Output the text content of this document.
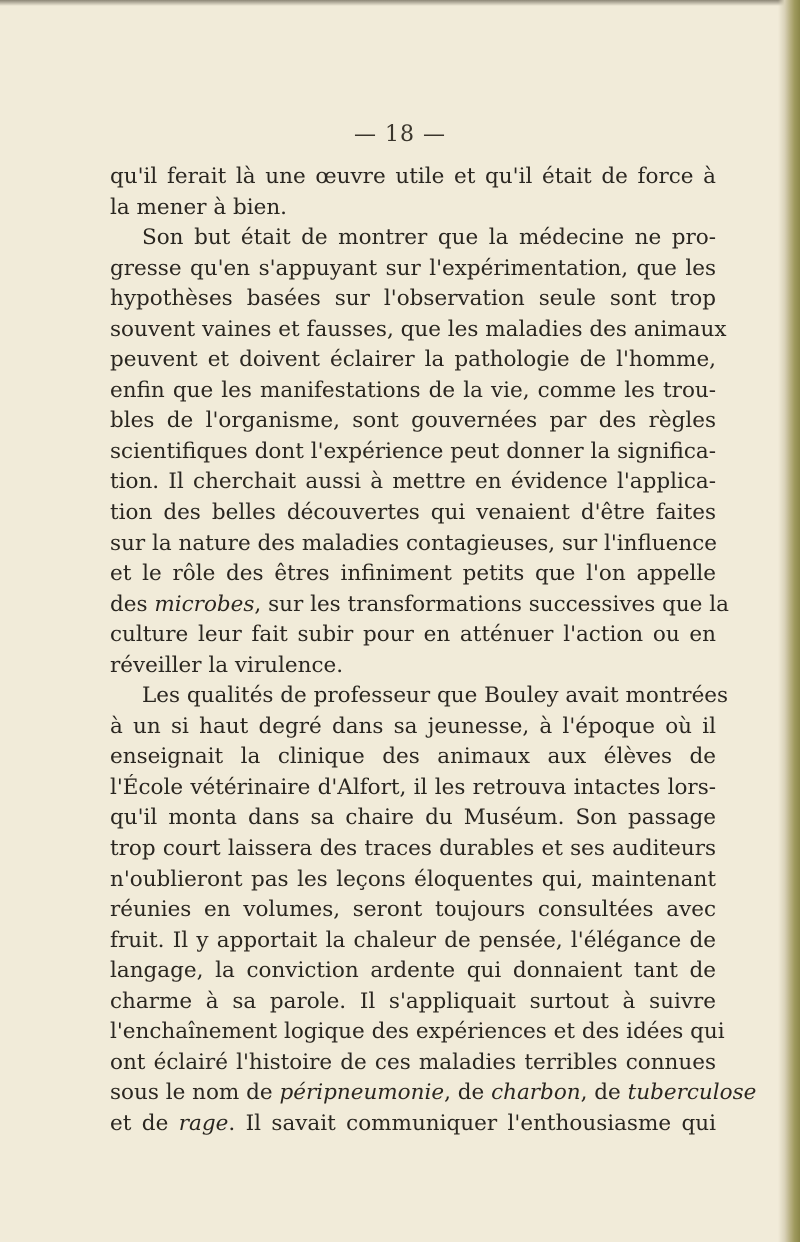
— 18 —
qu'il ferait là une œuvre utile et qu'il était de force à
la mener à bien.
Son but était de montrer que la médecine ne pro-
gresse qu'en s'appuyant sur l'expérimentation, que les
hypothèses basées sur l'observation seule sont trop
souvent vaines et fausses, que les maladies des animaux
peuvent et doivent éclairer la pathologie de l'homme,
enfin que les manifestations de la vie, comme les trou-
bles de l'organisme, sont gouvernées par des règles
scientifiques dont l'expérience peut donner la significa-
tion. Il cherchait aussi à mettre en évidence l'applica-
tion des belles découvertes qui venaient d'être faites
sur la nature des maladies contagieuses, sur l'influence
et le rôle des êtres infiniment petits que l'on appelle
des microbes, sur les transformations successives que la
culture leur fait subir pour en atténuer l'action ou en
réveiller la virulence.
Les qualités de professeur que Bouley avait montrées
à un si haut degré dans sa jeunesse, à l'époque où il
enseignait la clinique des animaux aux élèves de
l'École vétérinaire d'Alfort, il les retrouva intactes lors-
qu'il monta dans sa chaire du Muséum. Son passage
trop court laissera des traces durables et ses auditeurs
n'oublieront pas les leçons éloquentes qui, maintenant
réunies en volumes, seront toujours consultées avec
fruit. Il y apportait la chaleur de pensée, l'élégance de
langage, la conviction ardente qui donnaient tant de
charme à sa parole. Il s'appliquait surtout à suivre
l'enchaînement logique des expériences et des idées qui
ont éclairé l'histoire de ces maladies terribles connues
sous le nom de péripneumonie, de charbon, de tuberculose
et de rage. Il savait communiquer l'enthousiasme qui
